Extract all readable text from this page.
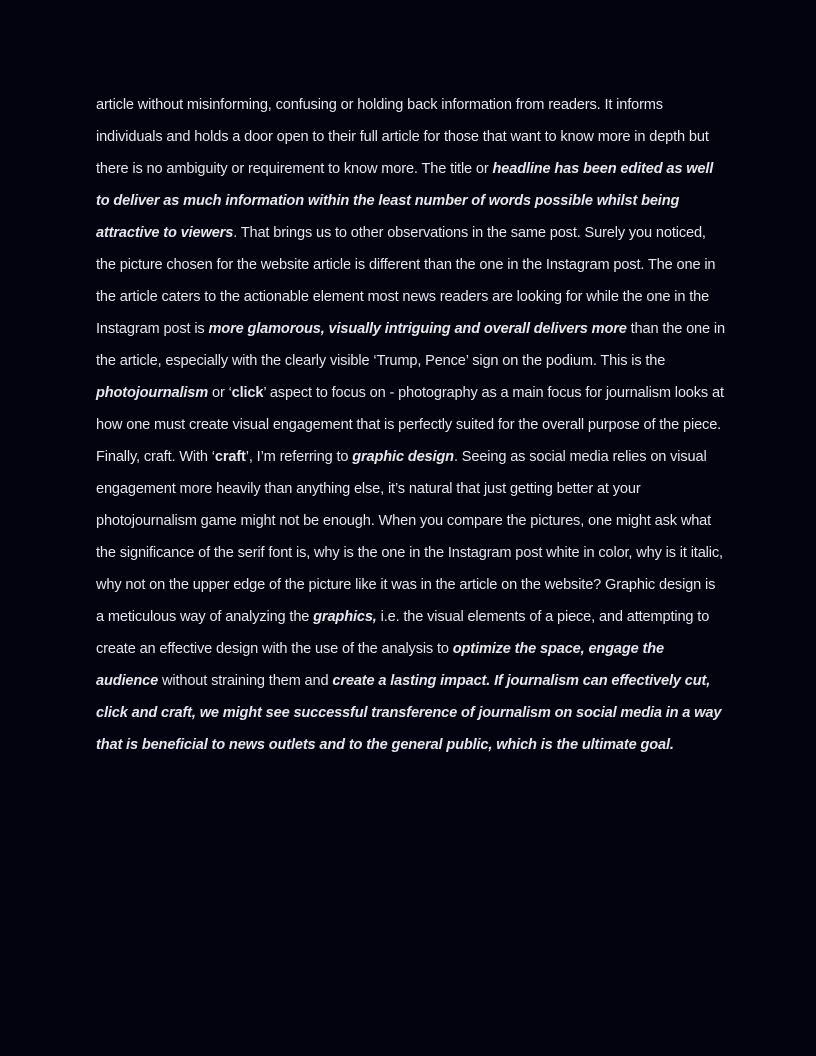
article without misinforming, confusing or holding back information from readers. It informs individuals and holds a door open to their full article for those that want to know more in depth but there is no ambiguity or requirement to know more. The title or headline has been edited as well to deliver as much information within the least number of words possible whilst being attractive to viewers. That brings us to other observations in the same post. Surely you noticed, the picture chosen for the website article is different than the one in the Instagram post. The one in the article caters to the actionable element most news readers are looking for while the one in the Instagram post is more glamorous, visually intriguing and overall delivers more than the one in the article, especially with the clearly visible ‘Trump, Pence’ sign on the podium. This is the photojournalism or ‘click’ aspect to focus on - photography as a main focus for journalism looks at how one must create visual engagement that is perfectly suited for the overall purpose of the piece. Finally, craft. With ‘craft’, I’m referring to graphic design. Seeing as social media relies on visual engagement more heavily than anything else, it’s natural that just getting better at your photojournalism game might not be enough. When you compare the pictures, one might ask what the significance of the serif font is, why is the one in the Instagram post white in color, why is it italic, why not on the upper edge of the picture like it was in the article on the website? Graphic design is a meticulous way of analyzing the graphics, i.e. the visual elements of a piece, and attempting to create an effective design with the use of the analysis to optimize the space, engage the audience without straining them and create a lasting impact. If journalism can effectively cut, click and craft, we might see successful transference of journalism on social media in a way that is beneficial to news outlets and to the general public, which is the ultimate goal.
